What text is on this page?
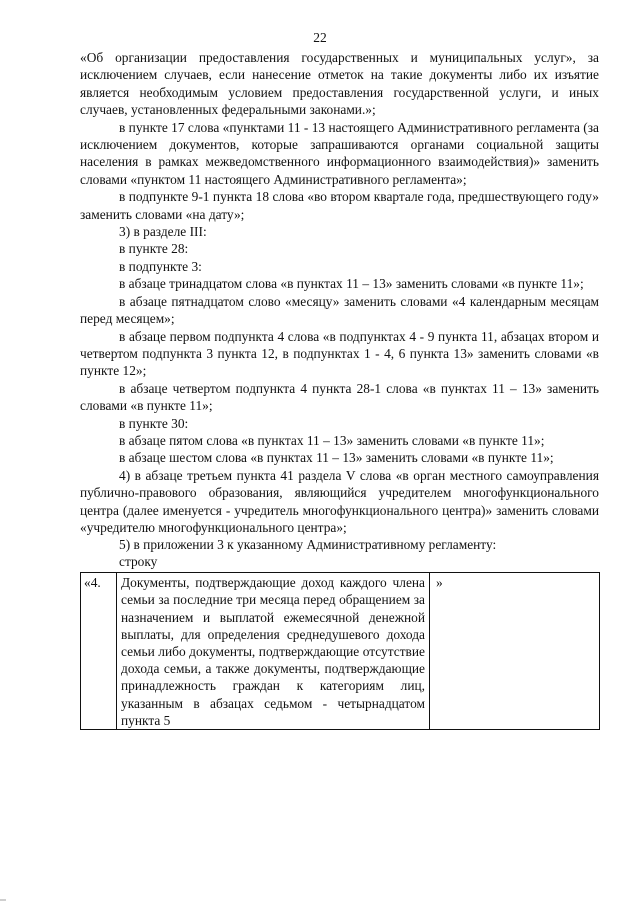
22

«Об организации предоставления государственных и муниципальных услуг», за исключением случаев, если нанесение отметок на такие документы либо их изъятие является необходимым условием предоставления государственной услуги, и иных случаев, установленных федеральными законами.»;

в пункте 17 слова «пунктами 11 - 13 настоящего Административного регламента (за исключением документов, которые запрашиваются органами социальной защиты населения в рамках межведомственного информационного взаимодействия)» заменить словами «пунктом 11 настоящего Административного регламента»;

в подпункте 9-1 пункта 18 слова «во втором квартале года, предшествующего году» заменить словами «на дату»;

3) в разделе III:

в пункте 28:

в подпункте 3:

в абзаце тринадцатом слова «в пунктах 11 – 13» заменить словами «в пункте 11»;

в абзаце пятнадцатом слово «месяцу» заменить словами «4 календарным месяцам перед месяцем»;

в абзаце первом подпункта 4 слова «в подпунктах 4 - 9 пункта 11, абзацах втором и четвертом подпункта 3 пункта 12, в подпунктах 1 - 4, 6 пункта 13» заменить словами «в пункте 12»;

в абзаце четвертом подпункта 4 пункта 28-1 слова «в пунктах 11 – 13» заменить словами «в пункте 11»;

в пункте 30:

в абзаце пятом слова «в пунктах 11 – 13» заменить словами «в пункте 11»;

в абзаце шестом слова «в пунктах 11 – 13» заменить словами «в пункте 11»;

4) в абзаце третьем пункта 41 раздела V слова «в орган местного самоуправления публично-правового образования, являющийся учредителем многофункционального центра (далее именуется - учредитель многофункционального центра)» заменить словами «учредителю многофункционального центра»;

5) в приложении 3 к указанному Административному регламенту:

строку

«4.	Документы, подтверждающие доход каждого члена семьи за последние три месяца перед обращением за назначением и выплатой ежемесячной денежной выплаты, для определения среднедушевого дохода семьи либо документы, подтверждающие отсутствие дохода семьи, а также документы, подтверждающие принадлежность граждан к категориям лиц, указанным в абзацах седьмом - четырнадцатом пункта 5	»
